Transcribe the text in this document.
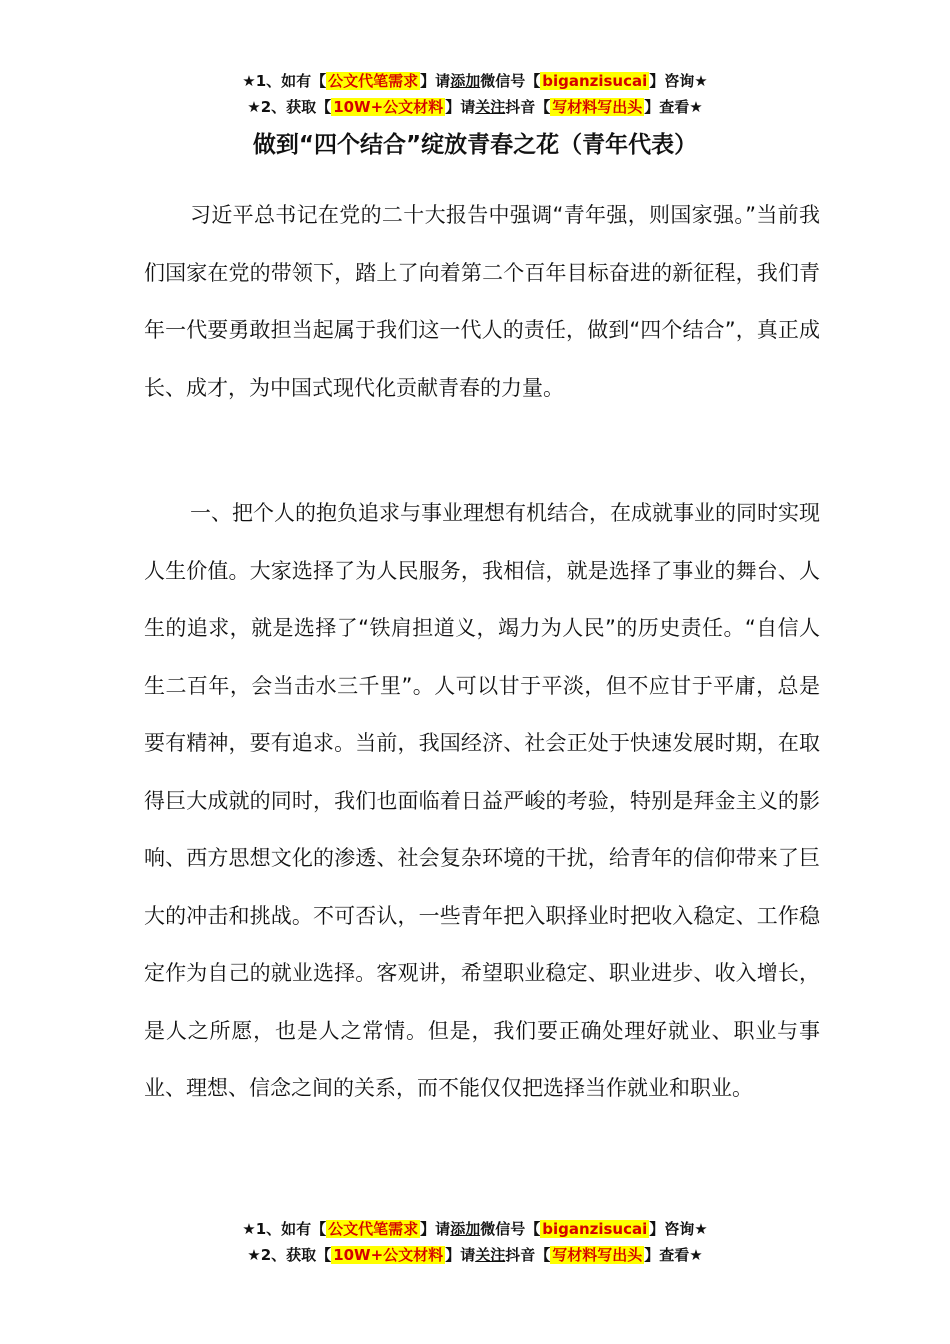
★1、如有【 公文代笔需求 】请添加微信号【 biganzisucai 】咨询★
★2、获取【 10W+公文材料 】请关注抖音【 写材料写出头 】查看★
做到“四个结合”绽放青春之花（青年代表）

习近平总书记在党的二十大报告中强调“青年强，则国家强。”当前我们国家在党的带领下，踏上了向着第二个百年目标奋进的新征程，我们青年一代要勇敢担当起属于我们这一代人的责任，做到“四个结合”，真正成长、成才，为中国式现代化贡献青春的力量。

一、把个人的抱负追求与事业理想有机结合，在成就事业的同时实现人生价值。大家选择了为人民服务，我相信，就是选择了事业的舞台、人生的追求，就是选择了“铁肩担道义，竭力为人民”的历史责任。“自信人生二百年，会当击水三千里”。人可以甘于平淡，但不应甘于平庸，总是要有精神，要有追求。当前，我国经济、社会正处于快速发展时期，在取得巨大成就的同时，我们也面临着日益严峻的考验，特别是拜金主义的影响、西方思想文化的渗透、社会复杂环境的干扰，给青年的信仰带来了巨大的冲击和挑战。不可否认，一些青年把入职择业时把收入稳定、工作稳定作为自己的就业选择。客观讲，希望职业稳定、职业进步、收入增长，是人之所愿，也是人之常情。但是，我们要正确处理好就业、职业与事业、理想、信念之间的关系，而不能仅仅把选择当作就业和职业。

★1、如有【 公文代笔需求 】请添加微信号【 biganzisucai 】咨询★
★2、获取【 10W+公文材料 】请关注抖音【 写材料写出头 】查看★
